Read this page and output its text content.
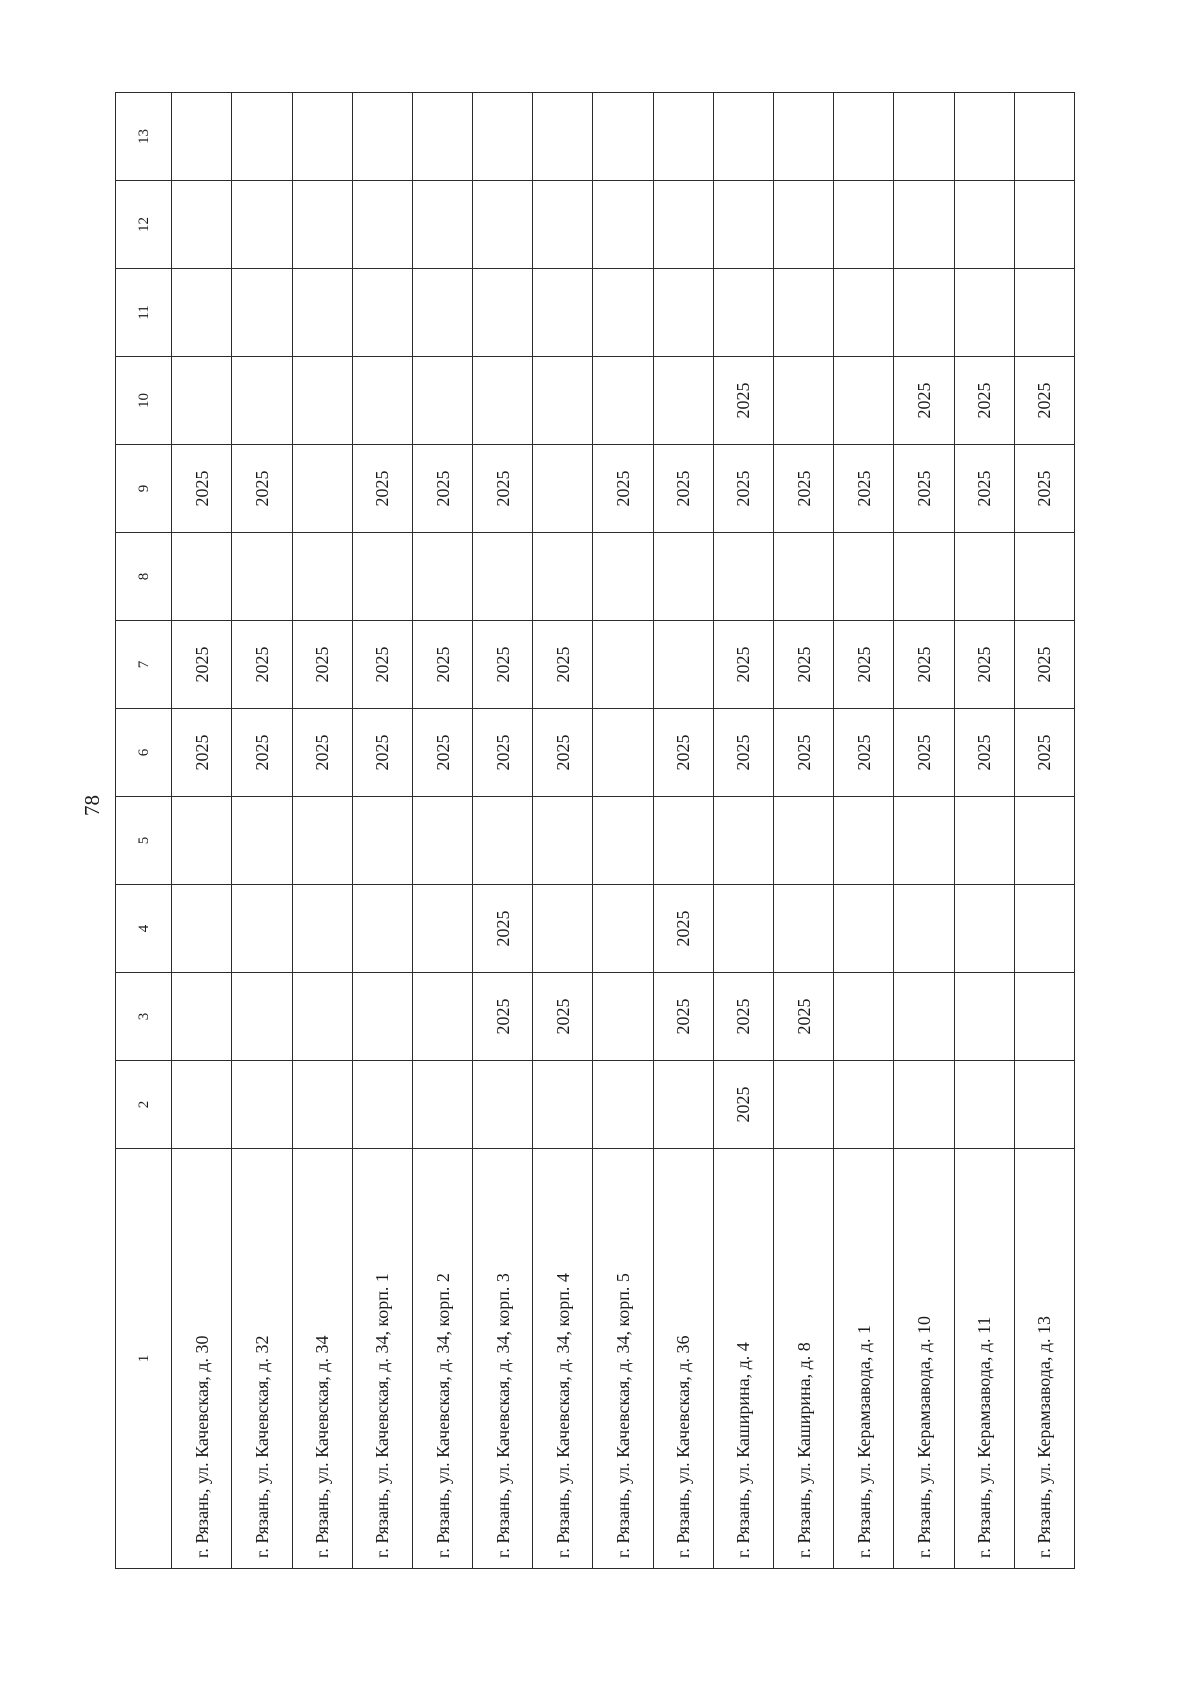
78
1	2	3	4	5	6	7	8	9	10	11	12	13
г. Рязань, ул. Качевская, д. 30					2025	2025		2025				
г. Рязань, ул. Качевская, д. 32					2025	2025		2025				
г. Рязань, ул. Качевская, д. 34					2025	2025						
г. Рязань, ул. Качевская, д. 34, корп. 1					2025	2025		2025				
г. Рязань, ул. Качевская, д. 34, корп. 2					2025	2025		2025				
г. Рязань, ул. Качевская, д. 34, корп. 3		2025	2025		2025	2025		2025				
г. Рязань, ул. Качевская, д. 34, корп. 4		2025			2025	2025						
г. Рязань, ул. Качевская, д. 34, корп. 5								2025				
г. Рязань, ул. Качевская, д. 36		2025	2025		2025			2025				
г. Рязань, ул. Каширина, д. 4	2025	2025			2025	2025		2025	2025			
г. Рязань, ул. Каширина, д. 8		2025			2025	2025		2025				
г. Рязань, ул. Керамзавода, д. 1					2025	2025		2025				
г. Рязань, ул. Керамзавода, д. 10					2025	2025		2025	2025			
г. Рязань, ул. Керамзавода, д. 11					2025	2025		2025	2025			
г. Рязань, ул. Керамзавода, д. 13					2025	2025		2025	2025			
